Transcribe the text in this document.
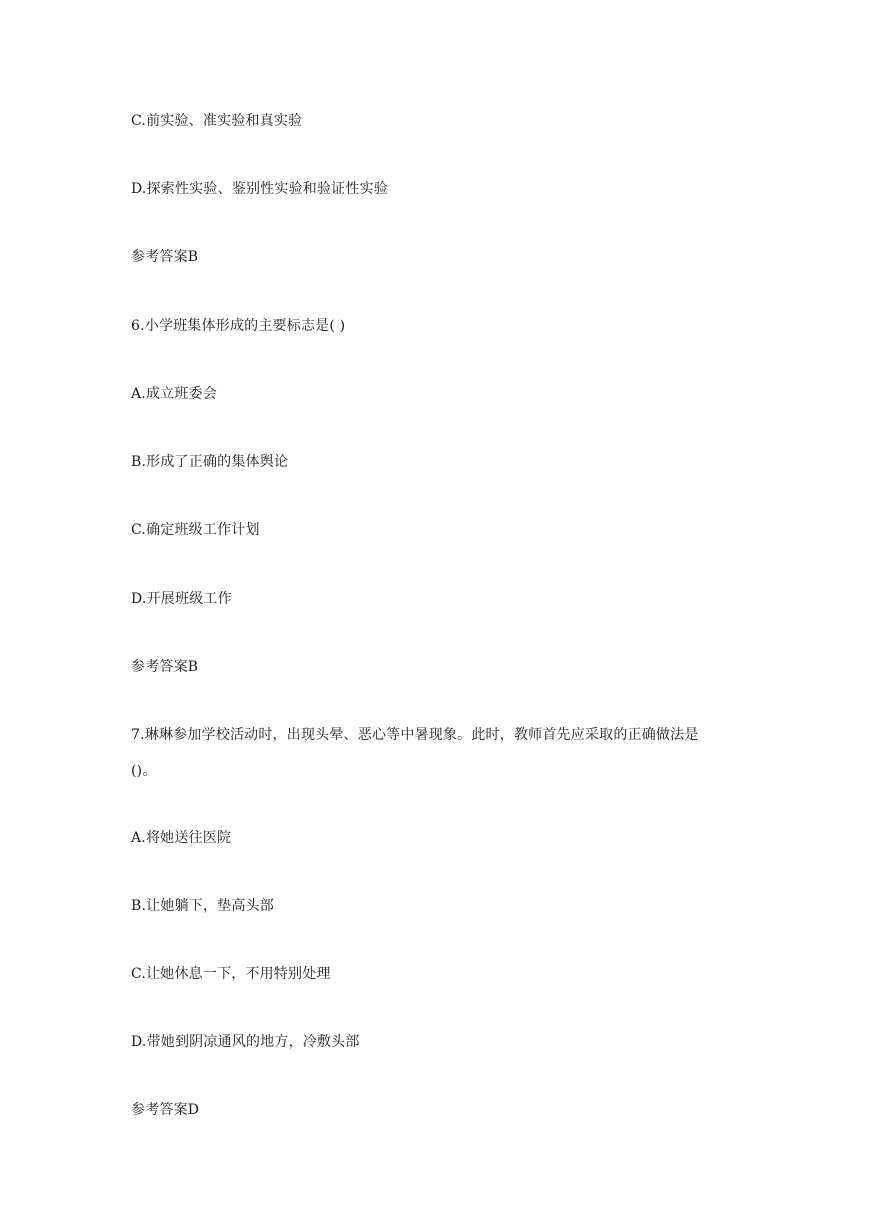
C.前实验、准实验和真实验
D.探索性实验、鉴别性实验和验证性实验
参考答案B
6.小学班集体形成的主要标志是( )
A.成立班委会
B.形成了正确的集体舆论
C.确定班级工作计划
D.开展班级工作
参考答案B
7.琳琳参加学校活动时，出现头晕、恶心等中暑现象。此时，教师首先应采取的正确做法是
()。
A.将她送往医院
B.让她躺下，垫高头部
C.让她休息一下，不用特别处理
D.带她到阴凉通风的地方，冷敷头部
参考答案D
